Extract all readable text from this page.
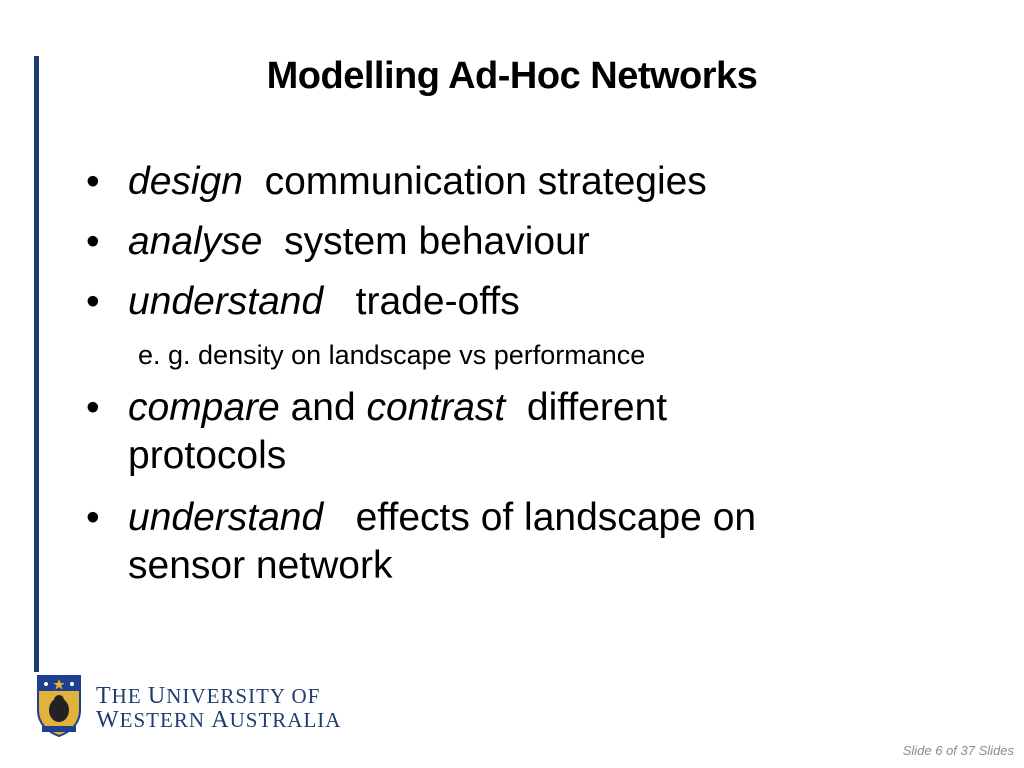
Modelling Ad-Hoc Networks
• design communication strategies
• analyse system behaviour
• understand trade-offs
e. g. density on landscape vs performance
• compare and contrast different
protocols
• understand effects of landscape on
sensor network
THE UNIVERSITY OF
WESTERN AUSTRALIA
Slide 6 of 37 Slides
